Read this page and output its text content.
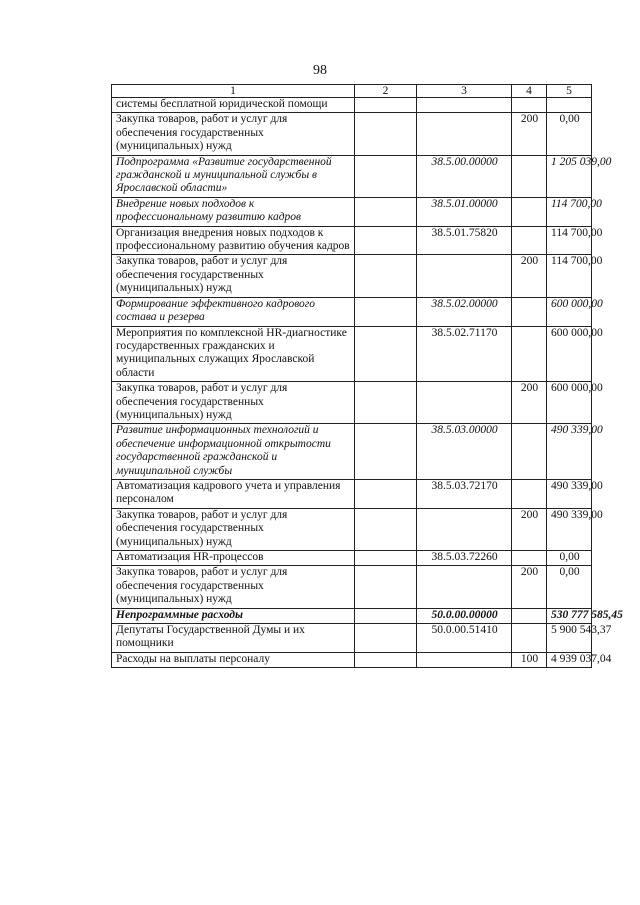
98
1	2	3	4	5
системы бесплатной юридической помощи				
Закупка товаров, работ и услуг для обеспечения государственных (муниципальных) нужд			200	0,00
Подпрограмма «Развитие государственной гражданской и муниципальной службы в Ярославской области»		38.5.00.00000		1 205 039,00
Внедрение новых подходов к профессиональному развитию кадров		38.5.01.00000		114 700,00
Организация внедрения новых подходов к профессиональному развитию обучения кадров		38.5.01.75820		114 700,00
Закупка товаров, работ и услуг для обеспечения государственных (муниципальных) нужд			200	114 700,00
Формирование эффективного кадрового состава и резерва		38.5.02.00000		600 000,00
Мероприятия по комплексной HR-диагностике государственных гражданских и муниципальных служащих Ярославской области		38.5.02.71170		600 000,00
Закупка товаров, работ и услуг для обеспечения государственных (муниципальных) нужд			200	600 000,00
Развитие информационных технологий и обеспечение информационной открытости государственной гражданской и муниципальной службы		38.5.03.00000		490 339,00
Автоматизация кадрового учета и управления персоналом		38.5.03.72170		490 339,00
Закупка товаров, работ и услуг для обеспечения государственных (муниципальных) нужд			200	490 339,00
Автоматизация HR-процессов		38.5.03.72260		0,00
Закупка товаров, работ и услуг для обеспечения государственных (муниципальных) нужд			200	0,00
Непрограммные расходы		50.0.00.00000		530 777 585,45
Депутаты Государственной Думы и их помощники		50.0.00.51410		5 900 543,37
Расходы на выплаты персоналу			100	4 939 037,04
